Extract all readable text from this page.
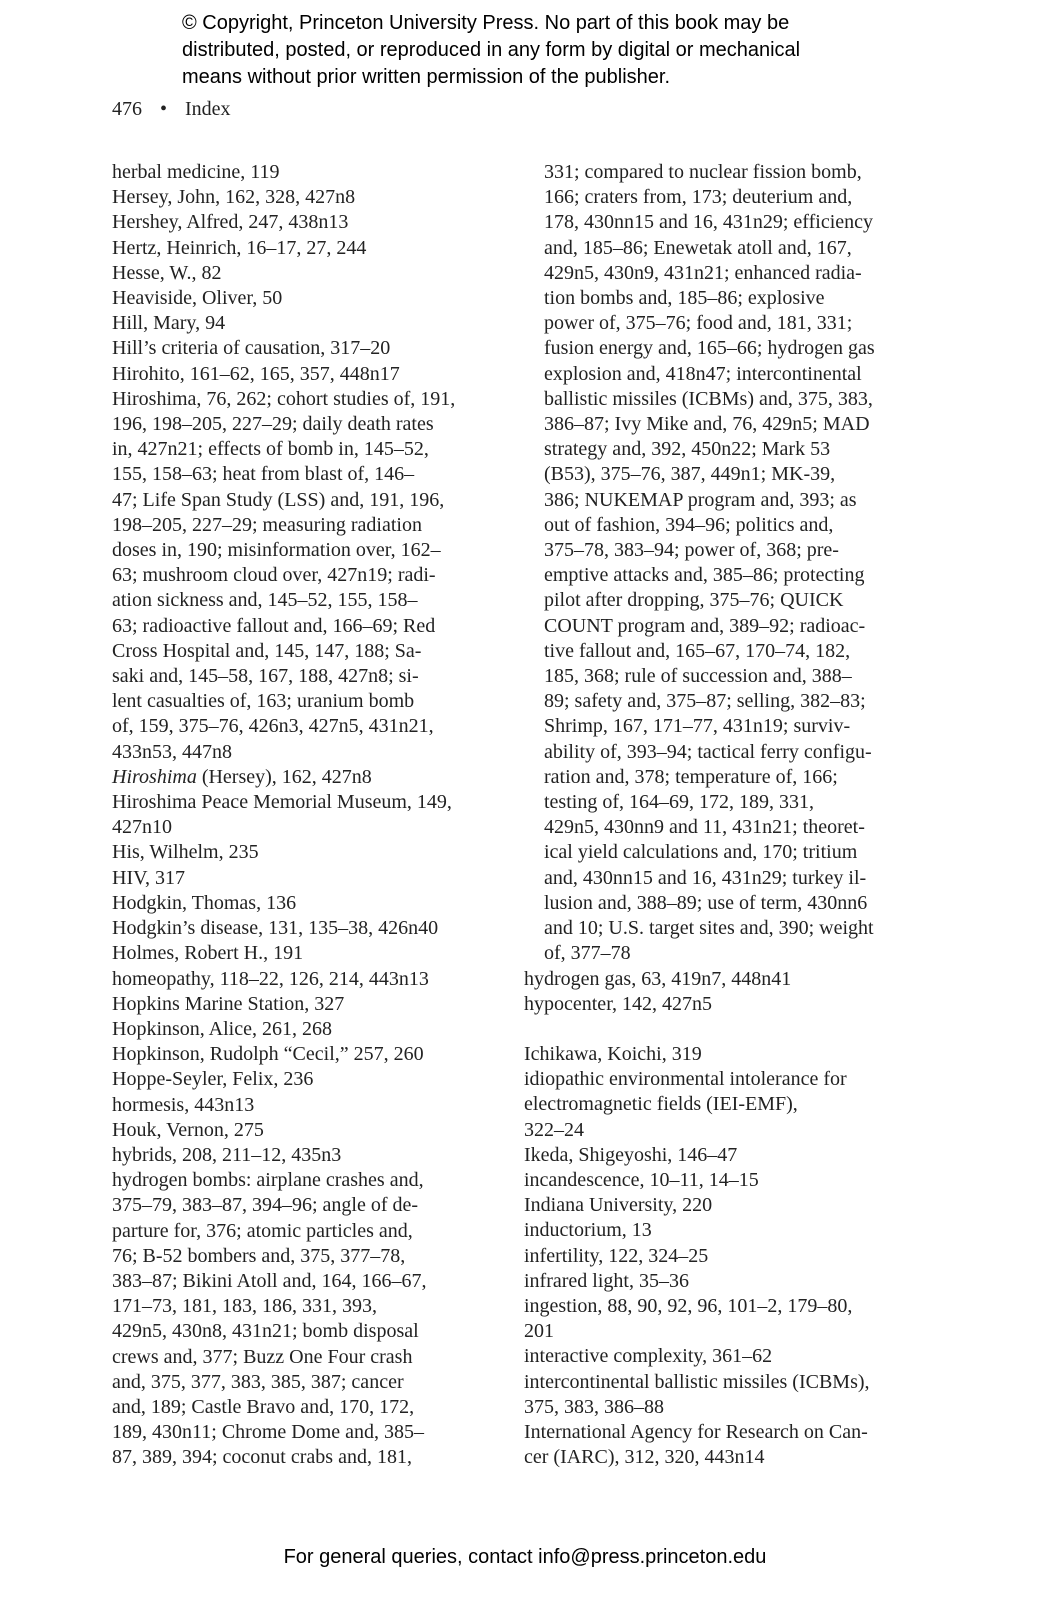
© Copyright, Princeton University Press. No part of this book may be
distributed, posted, or reproduced in any form by digital or mechanical
means without prior written permission of the publisher.
476 • Index
herbal medicine, 119
Hersey, John, 162, 328, 427n8
Hershey, Alfred, 247, 438n13
Hertz, Heinrich, 16–17, 27, 244
Hesse, W., 82
Heaviside, Oliver, 50
Hill, Mary, 94
Hill’s criteria of causation, 317–20
Hirohito, 161–62, 165, 357, 448n17
Hiroshima, 76, 262; cohort studies of, 191,
196, 198–205, 227–29; daily death rates
in, 427n21; effects of bomb in, 145–52,
155, 158–63; heat from blast of, 146–
47; Life Span Study (LSS) and, 191, 196,
198–205, 227–29; measuring radiation
doses in, 190; misinformation over, 162–
63; mushroom cloud over, 427n19; radi-
ation sickness and, 145–52, 155, 158–
63; radioactive fallout and, 166–69; Red
Cross Hospital and, 145, 147, 188; Sa-
saki and, 145–58, 167, 188, 427n8; si-
lent casualties of, 163; uranium bomb
of, 159, 375–76, 426n3, 427n5, 431n21,
433n53, 447n8
Hiroshima (Hersey), 162, 427n8
Hiroshima Peace Memorial Museum, 149,
427n10
His, Wilhelm, 235
HIV, 317
Hodgkin, Thomas, 136
Hodgkin’s disease, 131, 135–38, 426n40
Holmes, Robert H., 191
homeopathy, 118–22, 126, 214, 443n13
Hopkins Marine Station, 327
Hopkinson, Alice, 261, 268
Hopkinson, Rudolph “Cecil,” 257, 260
Hoppe-Seyler, Felix, 236
hormesis, 443n13
Houk, Vernon, 275
hybrids, 208, 211–12, 435n3
hydrogen bombs: airplane crashes and,
375–79, 383–87, 394–96; angle of de-
parture for, 376; atomic particles and,
76; B-52 bombers and, 375, 377–78,
383–87; Bikini Atoll and, 164, 166–67,
171–73, 181, 183, 186, 331, 393,
429n5, 430n8, 431n21; bomb disposal
crews and, 377; Buzz One Four crash
and, 375, 377, 383, 385, 387; cancer
and, 189; Castle Bravo and, 170, 172,
189, 430n11; Chrome Dome and, 385–
87, 389, 394; coconut crabs and, 181,
331; compared to nuclear fission bomb,
166; craters from, 173; deuterium and,
178, 430nn15 and 16, 431n29; efficiency
and, 185–86; Enewetak atoll and, 167,
429n5, 430n9, 431n21; enhanced radia-
tion bombs and, 185–86; explosive
power of, 375–76; food and, 181, 331;
fusion energy and, 165–66; hydrogen gas
explosion and, 418n47; intercontinental
ballistic missiles (ICBMs) and, 375, 383,
386–87; Ivy Mike and, 76, 429n5; MAD
strategy and, 392, 450n22; Mark 53
(B53), 375–76, 387, 449n1; MK-39,
386; NUKEMAP program and, 393; as
out of fashion, 394–96; politics and,
375–78, 383–94; power of, 368; pre-
emptive attacks and, 385–86; protecting
pilot after dropping, 375–76; QUICK
COUNT program and, 389–92; radioac-
tive fallout and, 165–67, 170–74, 182,
185, 368; rule of succession and, 388–
89; safety and, 375–87; selling, 382–83;
Shrimp, 167, 171–77, 431n19; surviv-
ability of, 393–94; tactical ferry configu-
ration and, 378; temperature of, 166;
testing of, 164–69, 172, 189, 331,
429n5, 430nn9 and 11, 431n21; theoret-
ical yield calculations and, 170; tritium
and, 430nn15 and 16, 431n29; turkey il-
lusion and, 388–89; use of term, 430nn6
and 10; U.S. target sites and, 390; weight
of, 377–78
hydrogen gas, 63, 419n7, 448n41
hypocenter, 142, 427n5
Ichikawa, Koichi, 319
idiopathic environmental intolerance for
electromagnetic fields (IEI-EMF),
322–24
Ikeda, Shigeyoshi, 146–47
incandescence, 10–11, 14–15
Indiana University, 220
inductorium, 13
infertility, 122, 324–25
infrared light, 35–36
ingestion, 88, 90, 92, 96, 101–2, 179–80,
201
interactive complexity, 361–62
intercontinental ballistic missiles (ICBMs),
375, 383, 386–88
International Agency for Research on Can-
cer (IARC), 312, 320, 443n14
For general queries, contact info@press.princeton.edu
